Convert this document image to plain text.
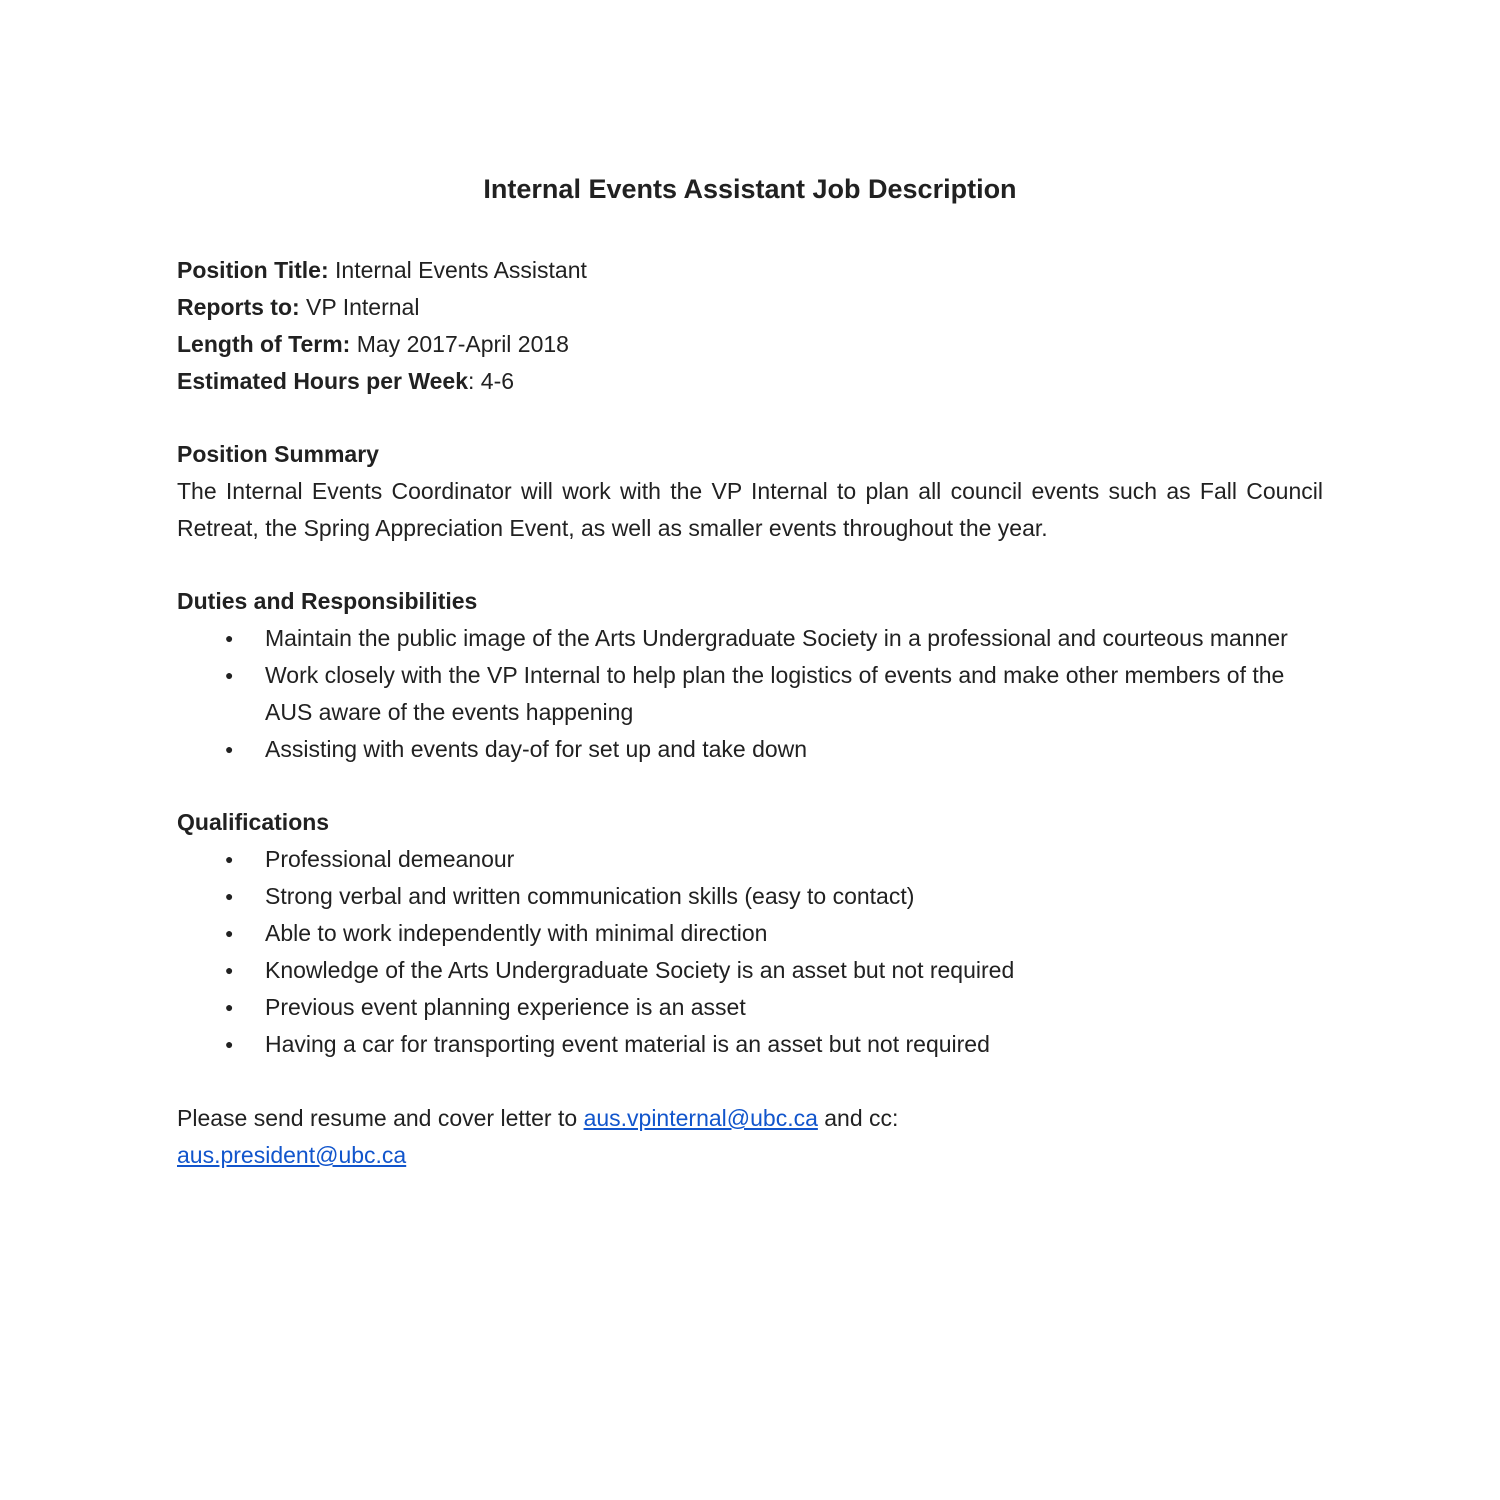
Internal Events Assistant Job Description
Position Title: Internal Events Assistant
Reports to: VP Internal
Length of Term: May 2017-April 2018
Estimated Hours per Week: 4-6
Position Summary

The Internal Events Coordinator will work with the VP Internal to plan all council events such as Fall Council Retreat, the Spring Appreciation Event, as well as smaller events throughout the year.

Duties and Responsibilities
●	Maintain the public image of the Arts Undergraduate Society in a professional and courteous manner
●	Work closely with the VP Internal to help plan the logistics of events and make other members of the AUS aware of the events happening
●	Assisting with events day-of for set up and take down
Qualifications
●	Professional demeanour
●	Strong verbal and written communication skills (easy to contact)
●	Able to work independently with minimal direction
●	Knowledge of the Arts Undergraduate Society is an asset but not required
●	Previous event planning experience is an asset
●	Having a car for transporting event material is an asset but not required

Please send resume and cover letter to aus.vpinternal@ubc.ca and cc:
aus.president@ubc.ca
